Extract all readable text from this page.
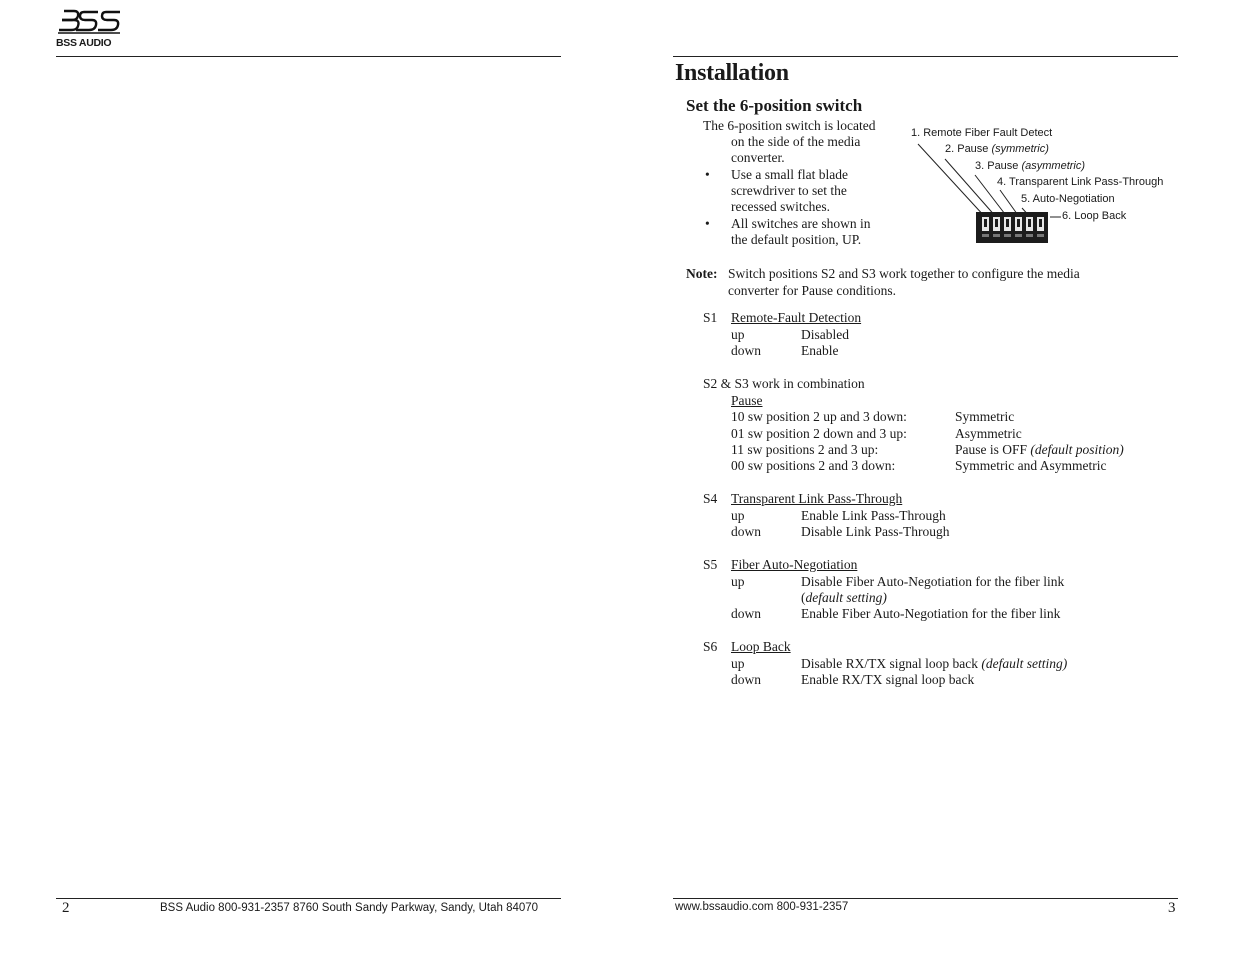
BSS AUDIO
2	BSS Audio 800-931-2357 8760 South Sandy Parkway, Sandy, Utah 84070
Installation
Set the 6-position switch
The 6-position switch is located
on the side of the media
converter.
• Use a small flat blade
screwdriver to set the
recessed switches.
• All switches are shown in
the default position, UP.
1. Remote Fiber Fault Detect
2. Pause (symmetric)
3. Pause (asymmetric)
4. Transparent Link Pass-Through
5. Auto-Negotiation
6. Loop Back
Note: Switch positions S2 and S3 work together to configure the media
converter for Pause conditions.
S1 Remote-Fault Detection
up	Disabled
down	Enable
S2 & S3 work in combination
Pause
10 sw position 2 up and 3 down:	Symmetric
01 sw position 2 down and 3 up:	Asymmetric
11 sw positions 2 and 3 up:	Pause is OFF (default position)
00 sw positions 2 and 3 down:	Symmetric and Asymmetric
S4 Transparent Link Pass-Through
up	Enable Link Pass-Through
down	Disable Link Pass-Through
S5 Fiber Auto-Negotiation
up	Disable Fiber Auto-Negotiation for the fiber link
(default setting)
down	Enable Fiber Auto-Negotiation for the fiber link
S6 Loop Back
up	Disable RX/TX signal loop back (default setting)
down	Enable RX/TX signal loop back
www.bssaudio.com 800-931-2357	3
